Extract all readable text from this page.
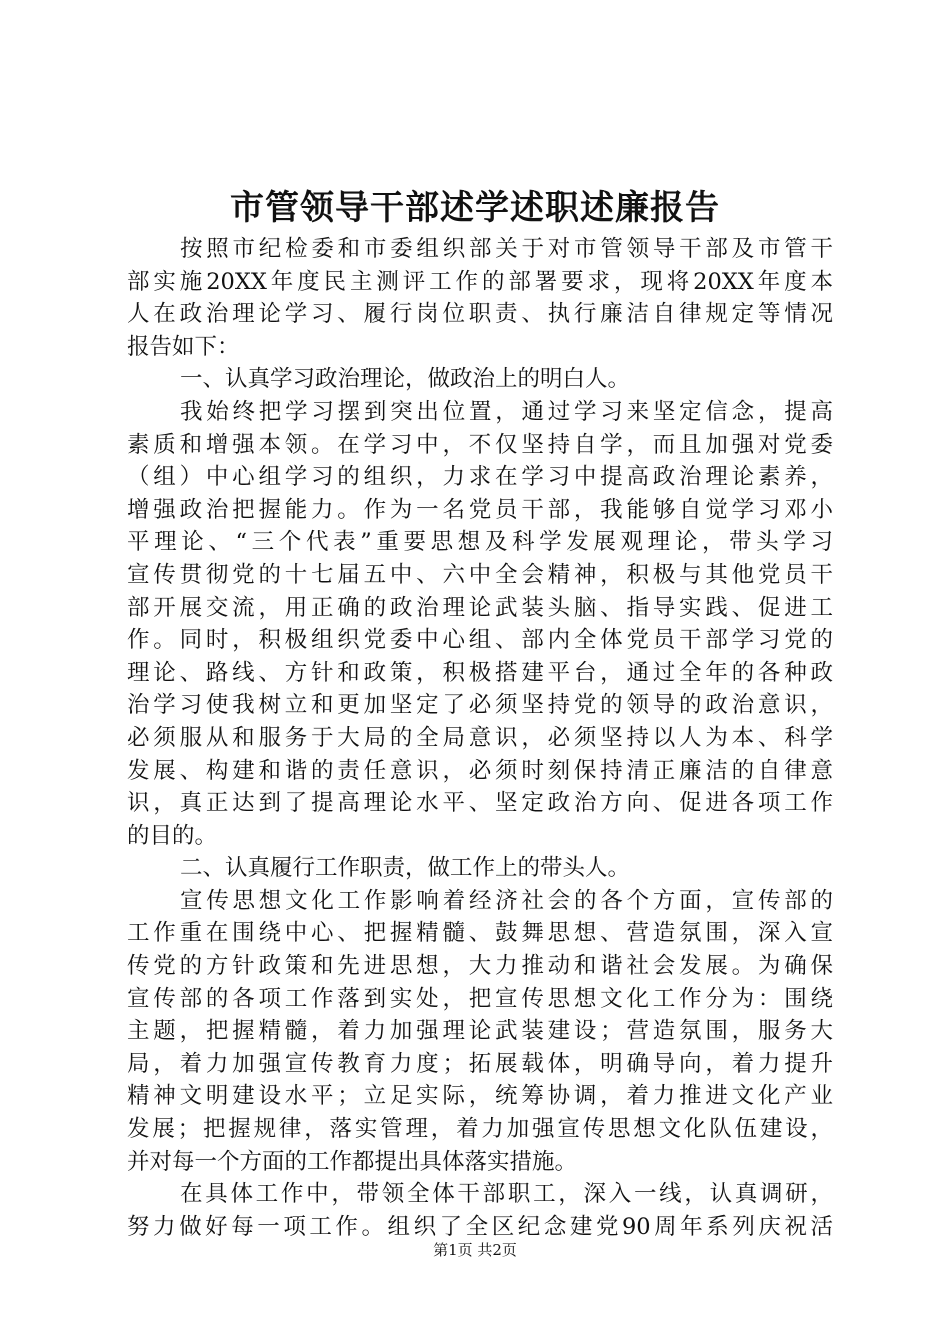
市管领导干部述学述职述廉报告
按照市纪检委和市委组织部关于对市管领导干部及市管干
部实施20XX年度民主测评工作的部署要求，现将20XX年度本
人在政治理论学习、履行岗位职责、执行廉洁自律规定等情况
报告如下：
一、认真学习政治理论，做政治上的明白人。
我始终把学习摆到突出位置，通过学习来坚定信念，提高
素质和增强本领。在学习中，不仅坚持自学，而且加强对党委
（组）中心组学习的组织，力求在学习中提高政治理论素养，
增强政治把握能力。作为一名党员干部，我能够自觉学习邓小
平理论、“三个代表”重要思想及科学发展观理论，带头学习
宣传贯彻党的十七届五中、六中全会精神，积极与其他党员干
部开展交流，用正确的政治理论武装头脑、指导实践、促进工
作。同时，积极组织党委中心组、部内全体党员干部学习党的
理论、路线、方针和政策，积极搭建平台，通过全年的各种政
治学习使我树立和更加坚定了必须坚持党的领导的政治意识，
必须服从和服务于大局的全局意识，必须坚持以人为本、科学
发展、构建和谐的责任意识，必须时刻保持清正廉洁的自律意
识，真正达到了提高理论水平、坚定政治方向、促进各项工作
的目的。
二、认真履行工作职责，做工作上的带头人。
宣传思想文化工作影响着经济社会的各个方面，宣传部的
工作重在围绕中心、把握精髓、鼓舞思想、营造氛围，深入宣
传党的方针政策和先进思想，大力推动和谐社会发展。为确保
宣传部的各项工作落到实处，把宣传思想文化工作分为：围绕
主题，把握精髓，着力加强理论武装建设；营造氛围，服务大
局，着力加强宣传教育力度；拓展载体，明确导向，着力提升
精神文明建设水平；立足实际，统筹协调，着力推进文化产业
发展；把握规律，落实管理，着力加强宣传思想文化队伍建设，
并对每一个方面的工作都提出具体落实措施。
在具体工作中，带领全体干部职工，深入一线，认真调研，
努力做好每一项工作。组织了全区纪念建党90周年系列庆祝活
第1页 共2页
